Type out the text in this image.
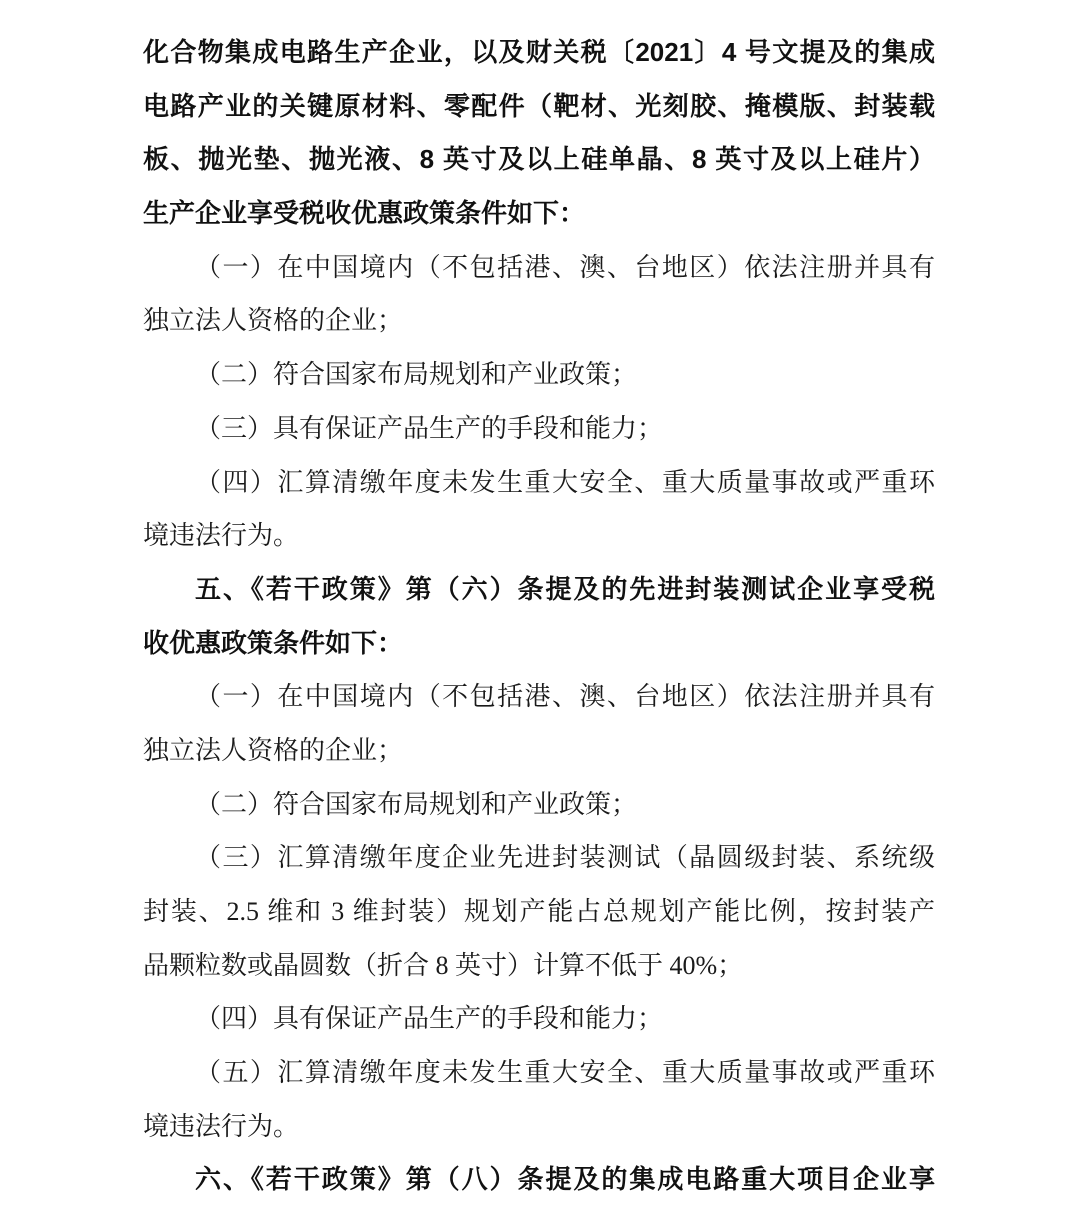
化合物集成电路生产企业，以及财关税〔2021〕4 号文提及的集成
电路产业的关键原材料、零配件（靶材、光刻胶、掩模版、封装载
板、抛光垫、抛光液、8 英寸及以上硅单晶、8 英寸及以上硅片）
生产企业享受税收优惠政策条件如下：
（一）在中国境内（不包括港、澳、台地区）依法注册并具有
独立法人资格的企业；
（二）符合国家布局规划和产业政策；
（三）具有保证产品生产的手段和能力；
（四）汇算清缴年度未发生重大安全、重大质量事故或严重环
境违法行为。
五、《若干政策》第（六）条提及的先进封装测试企业享受税
收优惠政策条件如下：
（一）在中国境内（不包括港、澳、台地区）依法注册并具有
独立法人资格的企业；
（二）符合国家布局规划和产业政策；
（三）汇算清缴年度企业先进封装测试（晶圆级封装、系统级
封装、2.5 维和 3 维封装）规划产能占总规划产能比例，按封装产
品颗粒数或晶圆数（折合 8 英寸）计算不低于 40%；
（四）具有保证产品生产的手段和能力；
（五）汇算清缴年度未发生重大安全、重大质量事故或严重环
境违法行为。
六、《若干政策》第（八）条提及的集成电路重大项目企业享
